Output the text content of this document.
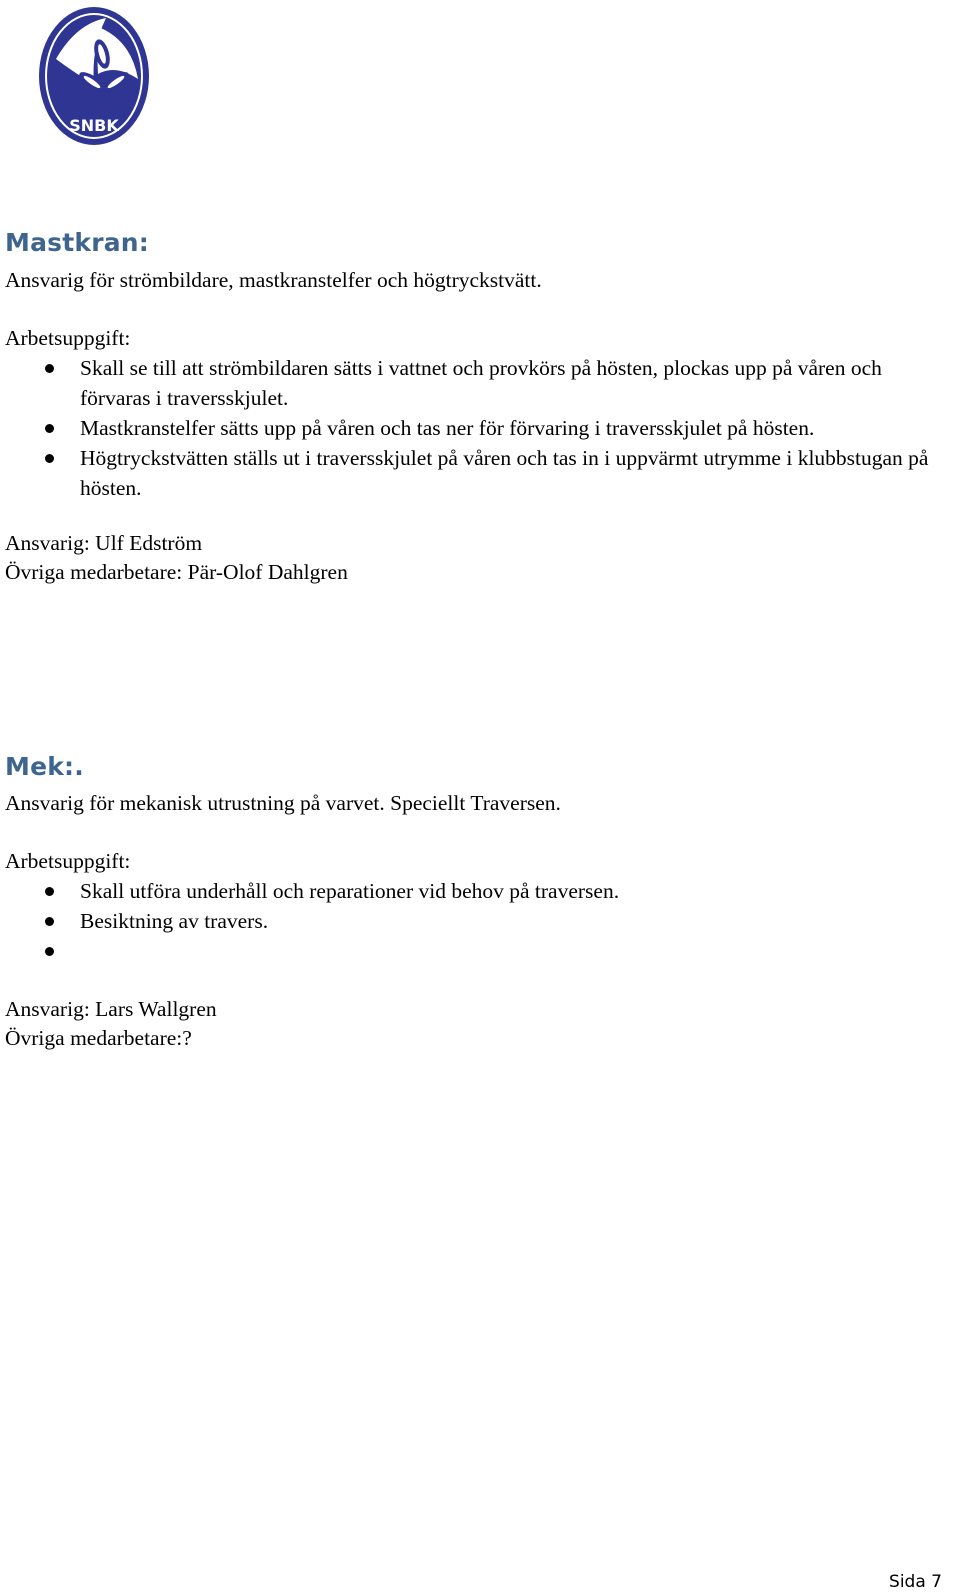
SNBK
Mastkran:
Ansvarig för strömbildare, mastkranstelfer och högtryckstvätt.
Arbetsuppgift:
Skall se till att strömbildaren sätts i vattnet och provkörs på hösten, plockas upp på våren och förvaras i traversskjulet.
Mastkranstelfer sätts upp på våren och tas ner för förvaring i traversskjulet på hösten.
Högtryckstvätten ställs ut i traversskjulet på våren och tas in i uppvärmt utrymme i klubbstugan på hösten.
Ansvarig: Ulf Edström
Övriga medarbetare: Pär-Olof Dahlgren
Mek:.
Ansvarig för mekanisk utrustning på varvet. Speciellt Traversen.
Arbetsuppgift:
Skall utföra underhåll och reparationer vid behov på traversen.
Besiktning av travers.
Ansvarig: Lars Wallgren
Övriga medarbetare:?
Sida 7
